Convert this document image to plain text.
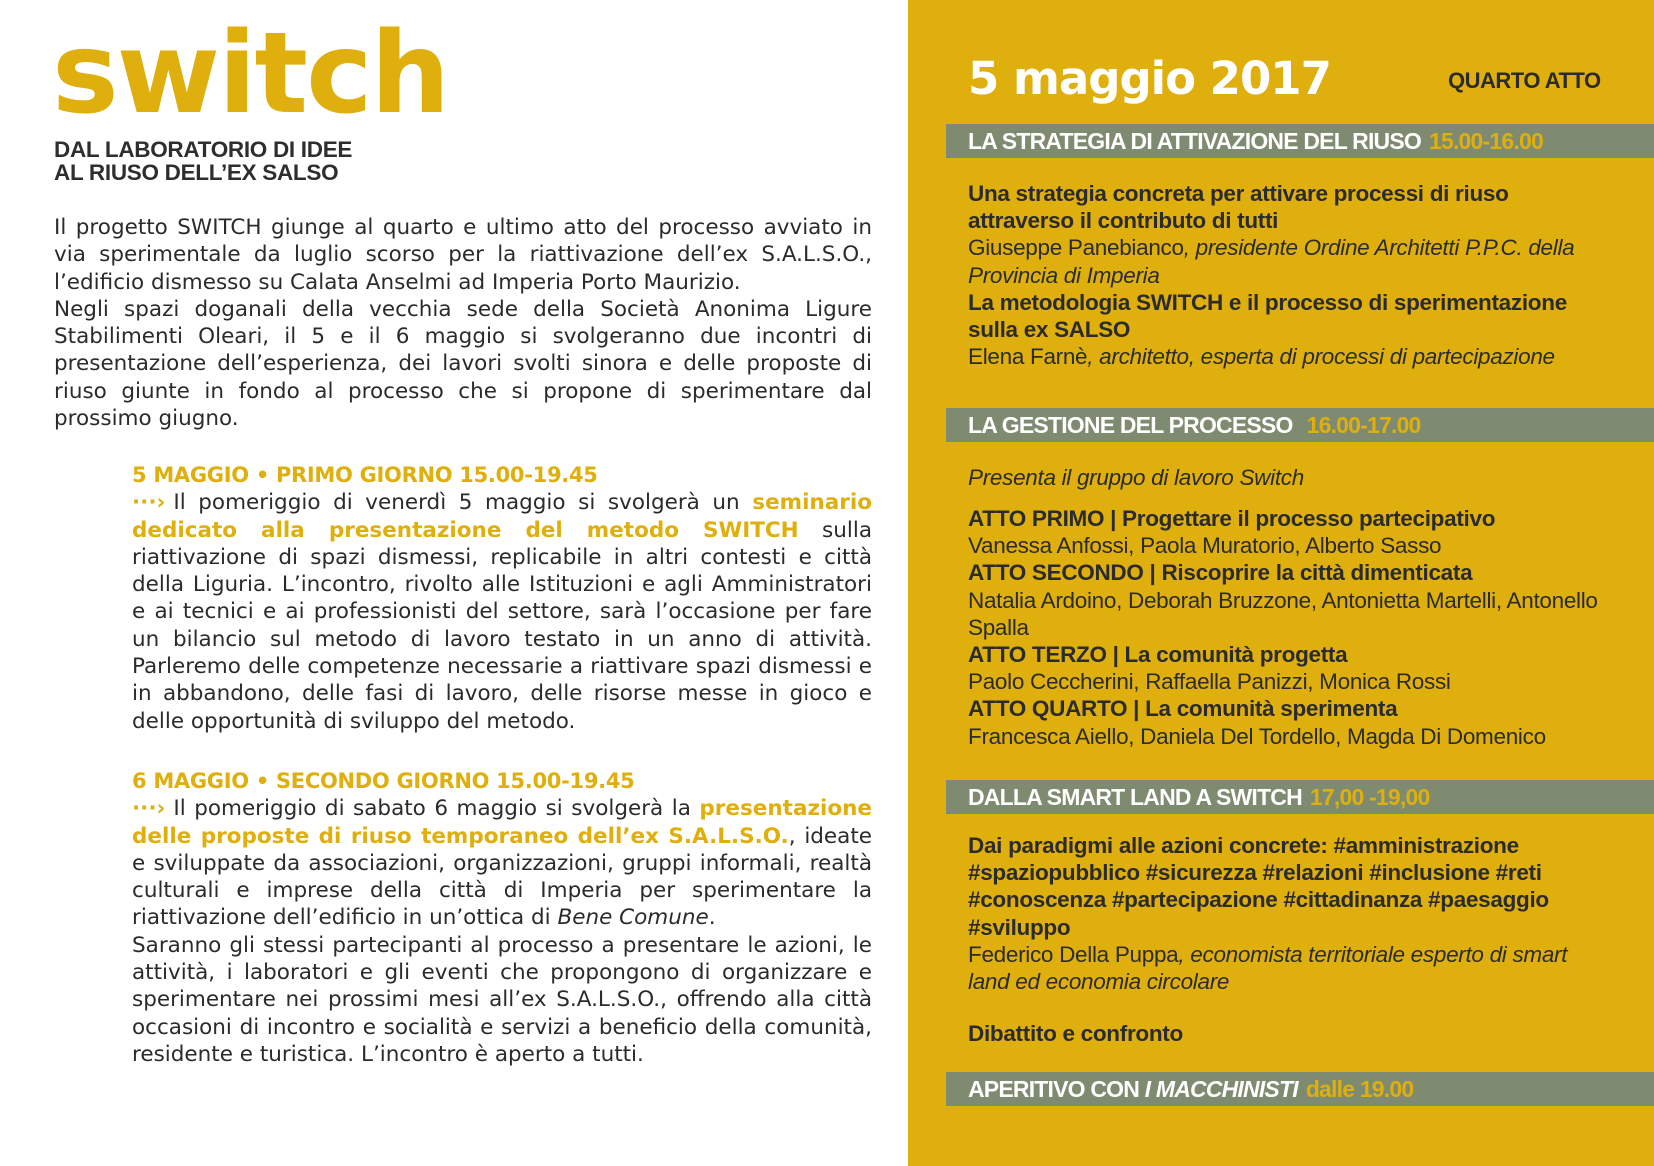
switch
DAL LABORATORIO DI IDEE
AL RIUSO DELL’EX SALSO

Il progetto SWITCH giunge al quarto e ultimo atto del processo avviato in via sperimentale da luglio scorso per la riattivazione dell’ex S.A.L.S.O., l’edificio dismesso su Calata Anselmi ad Imperia Porto Maurizio.

Negli spazi doganali della vecchia sede della Società Anonima Ligure Stabilimenti Oleari, il 5 e il 6 maggio si svolgeranno due incontri di presentazione dell’esperienza, dei lavori svolti sinora e delle proposte di riuso giunte in fondo al processo che si propone di sperimentare dal prossimo giugno.

5 MAGGIO • PRIMO GIORNO 15.00-19.45

···› Il pomeriggio di venerdì 5 maggio si svolgerà un seminario dedicato alla presentazione del metodo SWITCH sulla riattivazione di spazi dismessi, replicabile in altri contesti e città della Liguria. L’incontro, rivolto alle Istituzioni e agli Amministratori e ai tecnici e ai professionisti del settore, sarà l’occasione per fare un bilancio sul metodo di lavoro testato in un anno di attività. Parleremo delle competenze necessarie a riattivare spazi dismessi e in abbandono, delle fasi di lavoro, delle risorse messe in gioco e delle opportunità di sviluppo del metodo.

6 MAGGIO • SECONDO GIORNO 15.00-19.45

···› Il pomeriggio di sabato 6 maggio si svolgerà la presentazione delle proposte di riuso temporaneo dell’ex S.A.L.S.O., ideate e sviluppate da associazioni, organizzazioni, gruppi informali, realtà culturali e imprese della città di Imperia per sperimentare la riattivazione dell’edificio in un’ottica di Bene Comune.

Saranno gli stessi partecipanti al processo a presentare le azioni, le attività, i laboratori e gli eventi che propongono di organizzare e sperimentare nei prossimi mesi all’ex S.A.L.S.O., offrendo alla città occasioni di incontro e socialità e servizi a beneficio della comunità, residente e turistica. L’incontro è aperto a tutti.

5 maggio 2017	QUARTO ATTO
LA STRATEGIA DI ATTIVAZIONE DEL RIUSO 15.00-16.00
Una strategia concreta per attivare processi di riuso attraverso il contributo di tutti
Giuseppe Panebianco, presidente Ordine Architetti P.P.C. della Provincia di Imperia
La metodologia SWITCH e il processo di sperimentazione sulla ex SALSO
Elena Farnè, architetto, esperta di processi di partecipazione
LA GESTIONE DEL PROCESSO 16.00-17.00
Presenta il gruppo di lavoro Switch
ATTO PRIMO | Progettare il processo partecipativo
Vanessa Anfossi, Paola Muratorio, Alberto Sasso
ATTO SECONDO | Riscoprire la città dimenticata
Natalia Ardoino, Deborah Bruzzone, Antonietta Martelli, Antonello Spalla
ATTO TERZO | La comunità progetta
Paolo Ceccherini, Raffaella Panizzi, Monica Rossi
ATTO QUARTO | La comunità sperimenta
Francesca Aiello, Daniela Del Tordello, Magda Di Domenico
DALLA SMART LAND A SWITCH 17,00 -19,00
Dai paradigmi alle azioni concrete: #amministrazione #spaziopubblico #sicurezza #relazioni #inclusione #reti #conoscenza #partecipazione #cittadinanza #paesaggio #sviluppo
Federico Della Puppa, economista territoriale esperto di smart land ed economia circolare
Dibattito e confronto
APERITIVO CON I MACCHINISTI dalle 19.00
